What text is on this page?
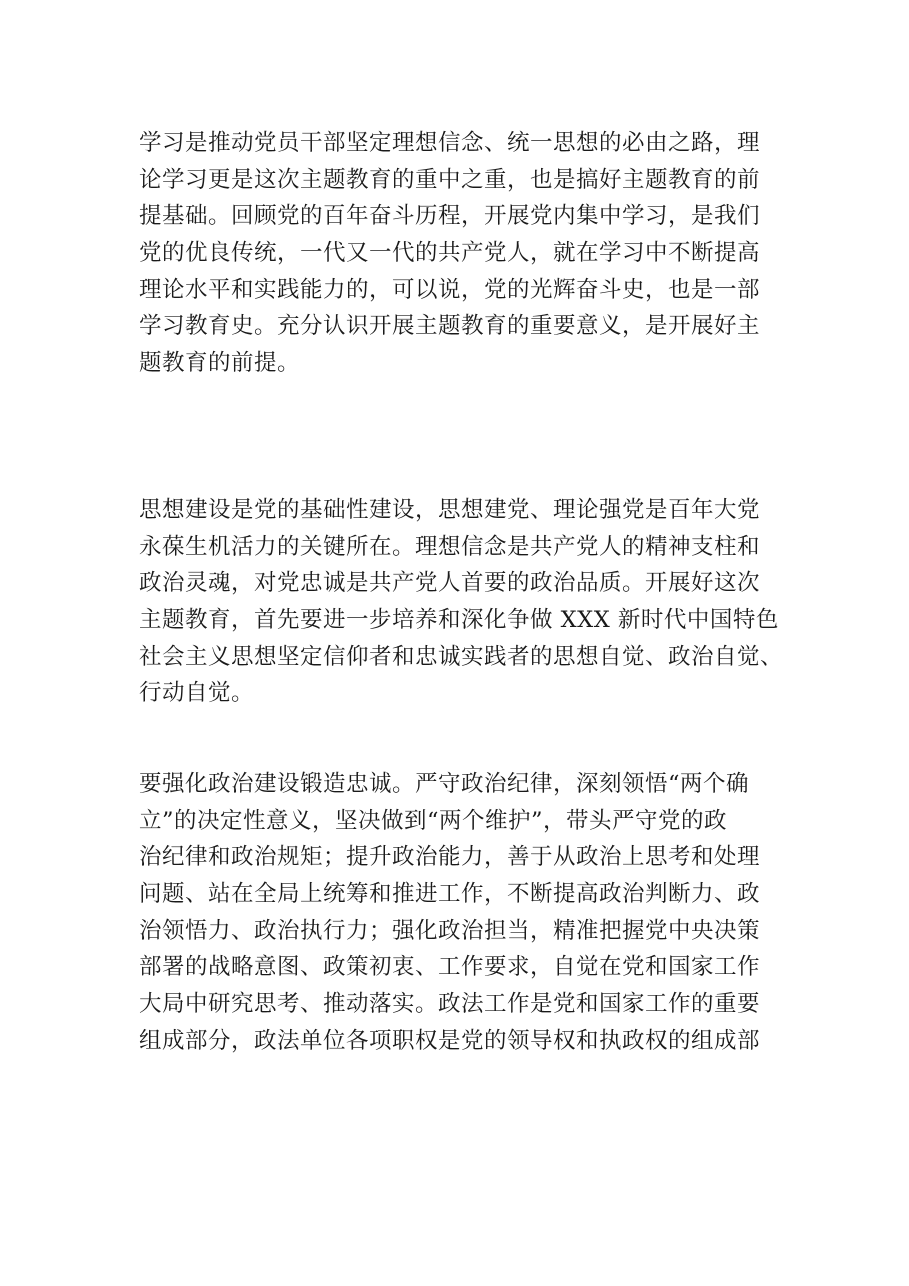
学习是推动党员干部坚定理想信念、统一思想的必由之路，理
论学习更是这次主题教育的重中之重，也是搞好主题教育的前
提基础。回顾党的百年奋斗历程，开展党内集中学习，是我们
党的优良传统，一代又一代的共产党人，就在学习中不断提高
理论水平和实践能力的，可以说，党的光辉奋斗史，也是一部
学习教育史。充分认识开展主题教育的重要意义，是开展好主
题教育的前提。
思想建设是党的基础性建设，思想建党、理论强党是百年大党
永葆生机活力的关键所在。理想信念是共产党人的精神支柱和
政治灵魂，对党忠诚是共产党人首要的政治品质。开展好这次
主题教育，首先要进一步培养和深化争做 XXX 新时代中国特色
社会主义思想坚定信仰者和忠诚实践者的思想自觉、政治自觉、
行动自觉。
要强化政治建设锻造忠诚。严守政治纪律，深刻领悟“两个确
立”的决定性意义，坚决做到“两个维护”，带头严守党的政
治纪律和政治规矩；提升政治能力，善于从政治上思考和处理
问题、站在全局上统筹和推进工作，不断提高政治判断力、政
治领悟力、政治执行力；强化政治担当，精准把握党中央决策
部署的战略意图、政策初衷、工作要求，自觉在党和国家工作
大局中研究思考、推动落实。政法工作是党和国家工作的重要
组成部分，政法单位各项职权是党的领导权和执政权的组成部
